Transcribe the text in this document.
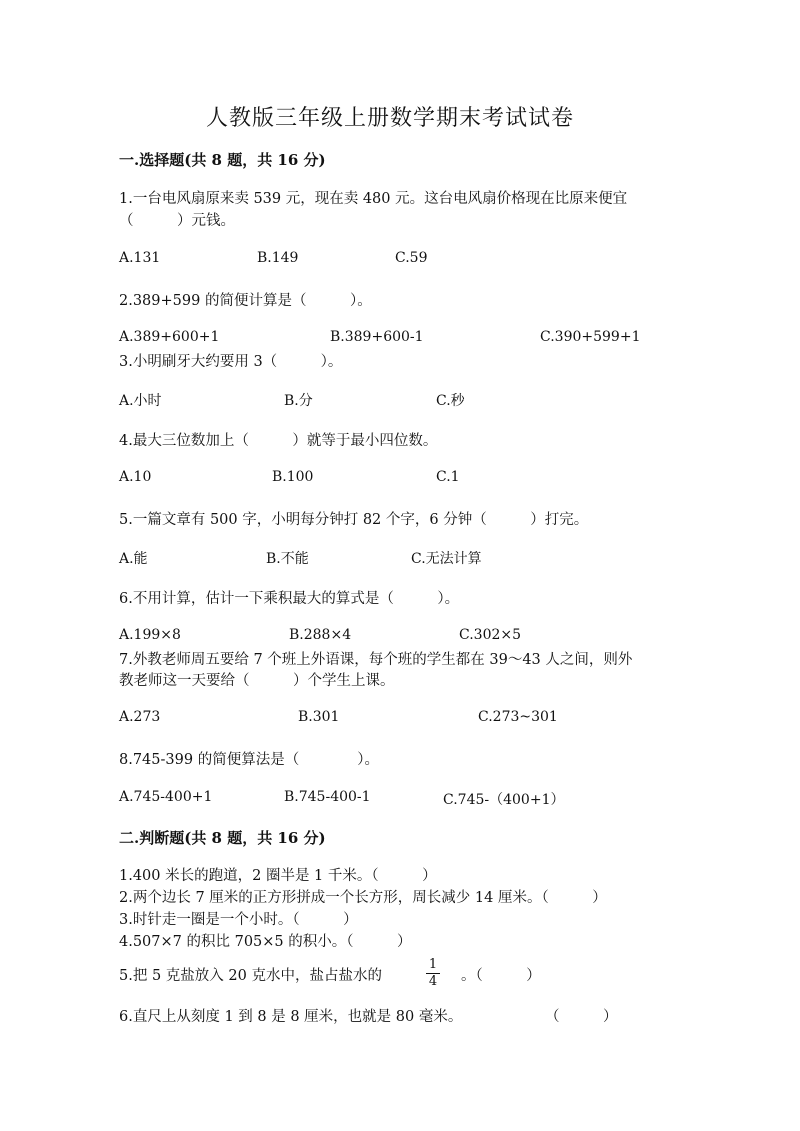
人教版三年级上册数学期末考试试卷
一.选择题(共 8 题，共 16 分)
1.一台电风扇原来卖 539 元，现在卖 480 元。这台电风扇价格现在比原来便宜
（　　　）元钱。
A.131	B.149	C.59
2.389+599 的简便计算是（　　　）。
A.389+600+1	B.389+600-1	C.390+599+1
3.小明刷牙大约要用 3（　　　）。
A.小时	B.分	C.秒
4.最大三位数加上（　　　）就等于最小四位数。
A.10	B.100	C.1
5.一篇文章有 500 字，小明每分钟打 82 个字，6 分钟（　　　）打完。
A.能	B.不能	C.无法计算
6.不用计算，估计一下乘积最大的算式是（　　　）。
A.199×8	B.288×4	C.302×5
7.外教老师周五要给 7 个班上外语课，每个班的学生都在 39～43 人之间，则外
教老师这一天要给（　　　）个学生上课。
A.273	B.301	C.273~301
8.745-399 的简便算法是（　　　　）。
A.745-400+1	B.745-400-1	C.745-（400+1）
二.判断题(共 8 题，共 16 分)
1.400 米长的跑道，2 圈半是 1 千米。（　　　）
2.两个边长 7 厘米的正方形拼成一个长方形，周长减少 14 厘米。（　　　）
3.时针走一圈是一个小时。（　　　）
4.507×7 的积比 705×5 的积小。（　　　）
5.把 5 克盐放入 20 克水中，盐占盐水的
1
4 。（　　　）
6.直尺上从刻度 1 到 8 是 8 厘米，也就是 80 毫米。	（　　　）
